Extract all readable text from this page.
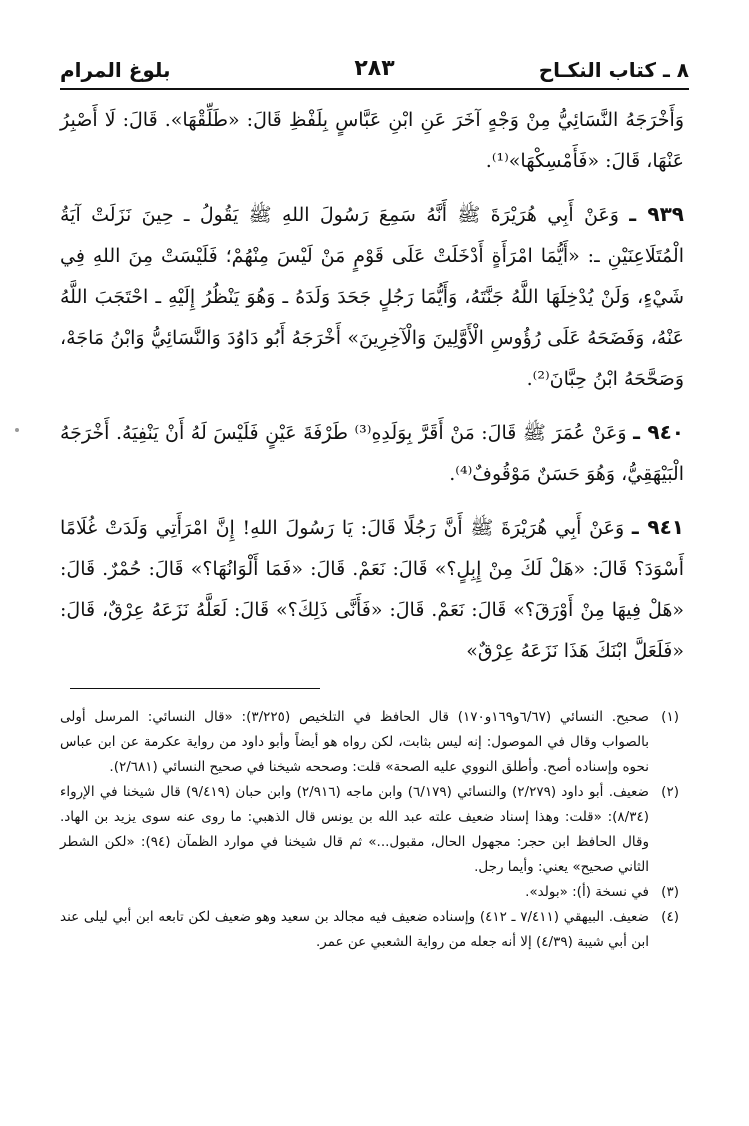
٨ ـ كتاب النكـاح
٢٨٣
بلوغ المرام

وَأَخْرَجَهُ النَّسَائِيُّ مِنْ وَجْهٍ آخَرَ عَنِ ابْنِ عَبَّاسٍ بِلَفْظِ قَالَ: «طَلِّقْهَا». قَالَ: لَا أَصْبِرُ عَنْهَا، قَالَ: «فَأَمْسِكْهَا»⁽¹⁾.

٩٣٩ ـ وَعَنْ أَبِي هُرَيْرَةَ ﷺ أَنَّهُ سَمِعَ رَسُولَ اللهِ ﷺ يَقُولُ ـ حِينَ نَزَلَتْ آيَةُ الْمُتَلَاعِنَيْنِ ـ: «أَيُّمَا امْرَأَةٍ أَدْخَلَتْ عَلَى قَوْمٍ مَنْ لَيْسَ مِنْهُمْ؛ فَلَيْسَتْ مِنَ اللهِ فِي شَيْءٍ، وَلَنْ يُدْخِلَهَا اللَّهُ جَنَّتَهُ، وَأَيُّمَا رَجُلٍ جَحَدَ وَلَدَهُ ـ وَهُوَ يَنْظُرُ إِلَيْهِ ـ احْتَجَبَ اللَّهُ عَنْهُ، وَفَضَحَهُ عَلَى رُؤُوسِ الْأَوَّلِينَ وَالْآخِرِينَ» أَخْرَجَهُ أَبُو دَاوُدَ وَالنَّسَائِيُّ وَابْنُ مَاجَهْ، وَصَحَّحَهُ ابْنُ حِبَّانَ⁽²⁾.

٩٤٠ ـ وَعَنْ عُمَرَ ﷺ قَالَ: مَنْ أَقَرَّ بِوَلَدِهِ⁽³⁾ طَرْفَةَ عَيْنٍ فَلَيْسَ لَهُ أَنْ يَنْفِيَهُ. أَخْرَجَهُ الْبَيْهَقِيُّ، وَهُوَ حَسَنٌ مَوْقُوفٌ⁽⁴⁾.

٩٤١ ـ وَعَنْ أَبِي هُرَيْرَةَ ﷺ أَنَّ رَجُلًا قَالَ: يَا رَسُولَ اللهِ! إِنَّ امْرَأَتِي وَلَدَتْ غُلَامًا أَسْوَدَ؟ قَالَ: «هَلْ لَكَ مِنْ إِبِلٍ؟» قَالَ: نَعَمْ. قَالَ: «فَمَا أَلْوَانُهَا؟» قَالَ: حُمْرٌ. قَالَ: «هَلْ فِيهَا مِنْ أَوْرَقَ؟» قَالَ: نَعَمْ. قَالَ: «فَأَنَّى ذَلِكَ؟» قَالَ: لَعَلَّهُ نَزَعَهُ عِرْقٌ، قَالَ: «فَلَعَلَّ ابْنَكَ هَذَا نَزَعَهُ عِرْقٌ»

(١)
صحيح. النسائي (٦/٦٧و١٦٩و١٧٠) قال الحافظ في التلخيص (٣/٢٢٥): «قال النسائي: المرسل أولى بالصواب وقال في الموصول: إنه ليس بثابت، لكن رواه هو أيضاً وأبو داود من رواية عكرمة عن ابن عباس نحوه وإسناده أصح. وأطلق النووي عليه الصحة» قلت: وصححه شيخنا في صحيح النسائي (٢/٦٨١).
(٢)
ضعيف. أبو داود (٢/٢٧٩) والنسائي (٦/١٧٩) وابن ماجه (٢/٩١٦) وابن حبان (٩/٤١٩) قال شيخنا في الإرواء (٨/٣٤): «قلت: وهذا إسناد ضعيف علته عبد الله بن يونس قال الذهبي: ما روى عنه سوى يزيد بن الهاد. وقال الحافظ ابن حجر: مجهول الحال، مقبول...» ثم قال شيخنا في موارد الظمآن (٩٤): «لكن الشطر الثاني صحيح» يعني: وأيما رجل.
(٣)
في نسخة (أ): «بولد».
(٤)
ضعيف. البيهقي (٧/٤١١ ـ ٤١٢) وإسناده ضعيف فيه مجالد بن سعيد وهو ضعيف لكن تابعه ابن أبي ليلى عند ابن أبي شيبة (٤/٣٩) إلا أنه جعله من رواية الشعبي عن عمر.
